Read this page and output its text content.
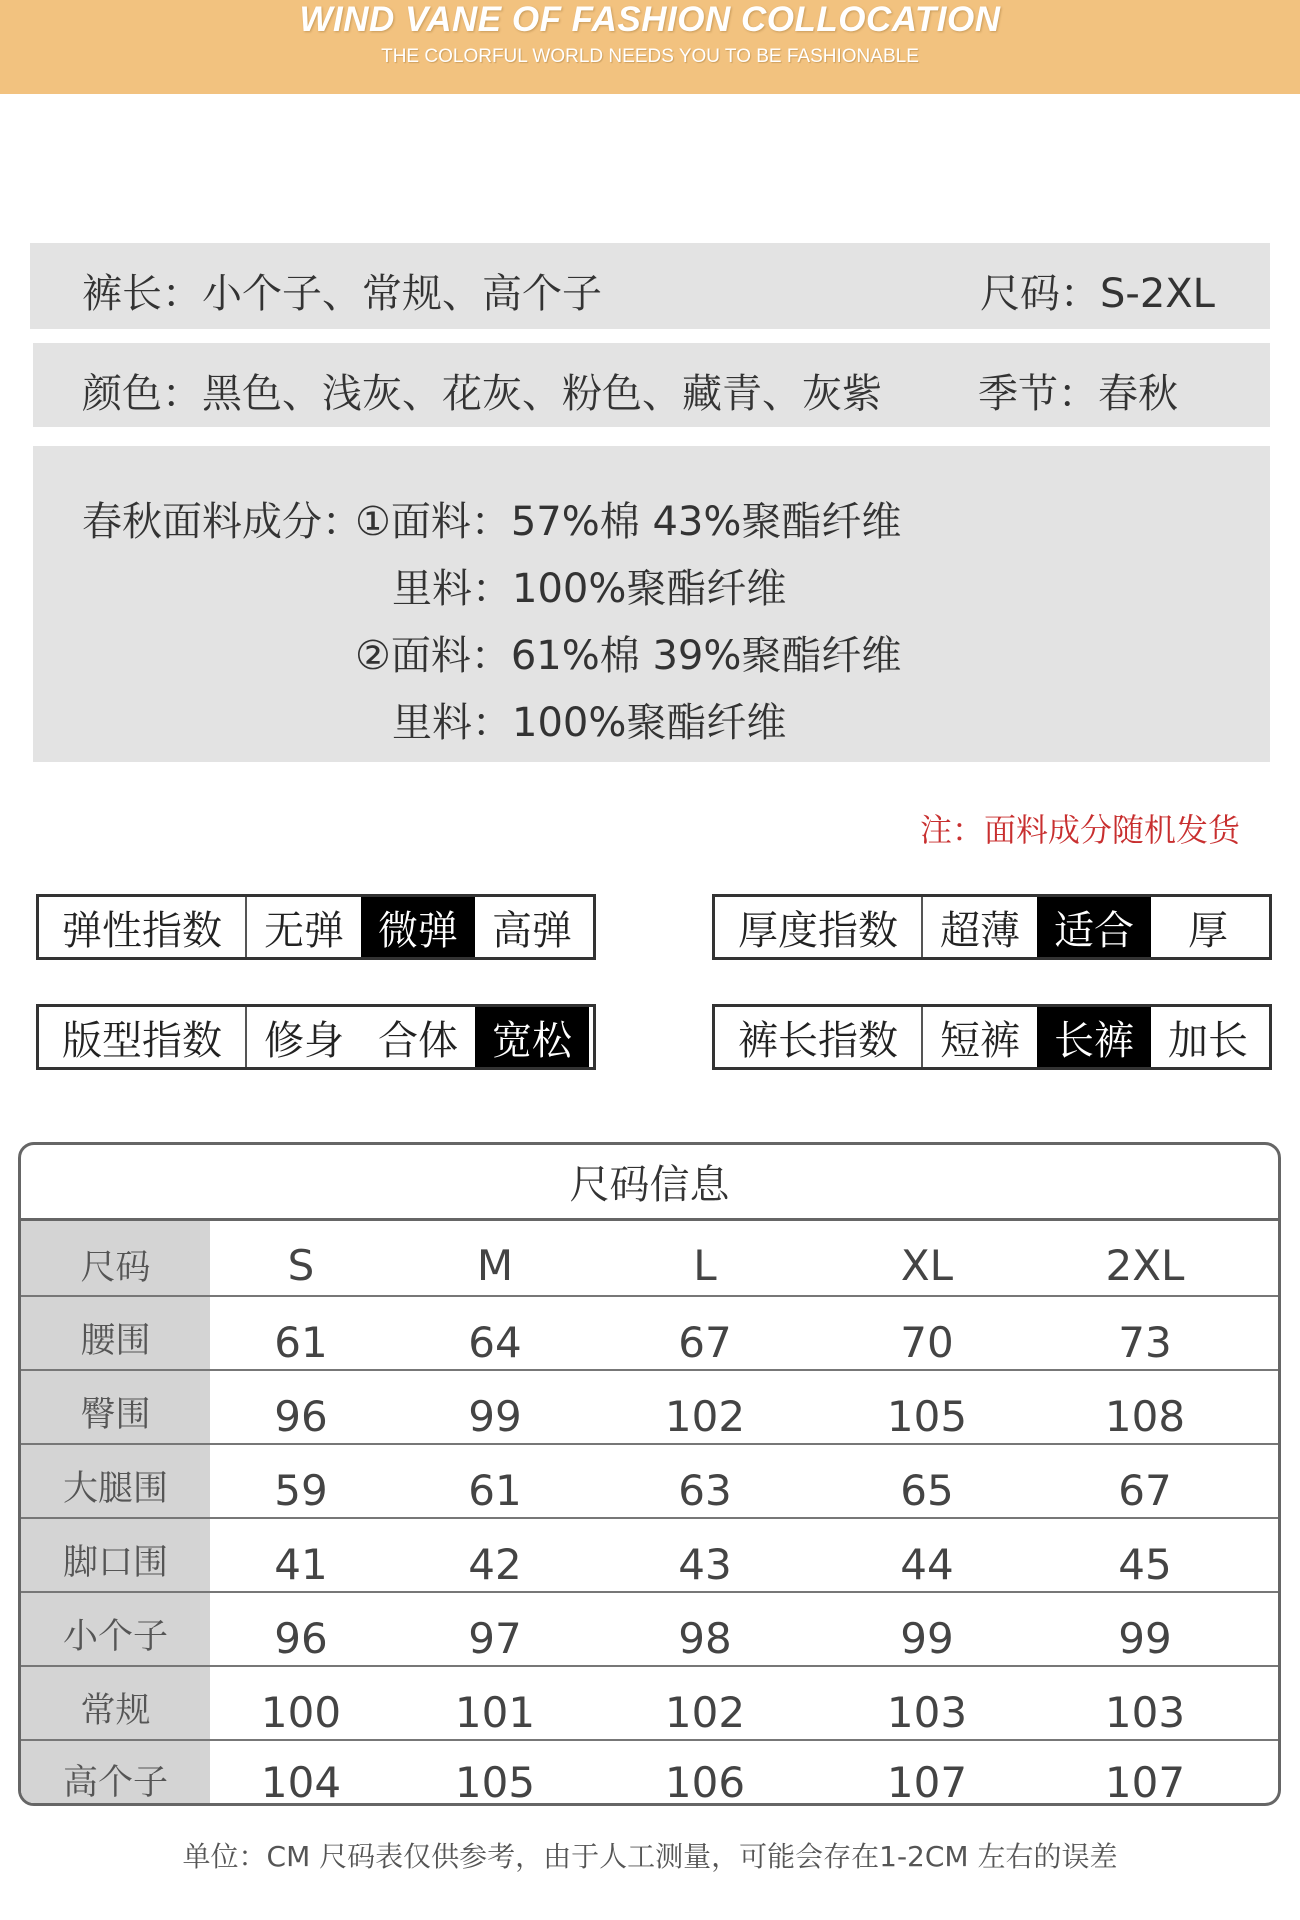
WIND VANE OF FASHION COLLOCATION
THE COLORFUL WORLD NEEDS YOU TO BE FASHIONABLE
裤长：小个子、常规、高个子	尺码：S-2XL
颜色：黑色、浅灰、花灰、粉色、藏青、灰紫 季节：春秋
春秋面料成分：
①面料：57%棉 43%聚酯纤维
里料：100%聚酯纤维
②面料：61%棉 39%聚酯纤维
里料：100%聚酯纤维
注：面料成分随机发货
弹性指数	无弹 微弹 高弹	厚度指数	超薄 适合	厚
版型指数	修身 合体 宽松	裤长指数	短裤 长裤 加长
尺码信息
尺码	S	M	L	XL	2XL
腰围	61	64	67	70	73
臀围	96	99	102	105	108
大腿围	59	61	63	65	67
脚口围	41	42	43	44	45
小个子	96	97	98	99	99
常规	100	101	102	103	103
高个子	104	105	106	107	107
单位：CM 尺码表仅供参考，由于人工测量，可能会存在1-2CM 左右的误差
